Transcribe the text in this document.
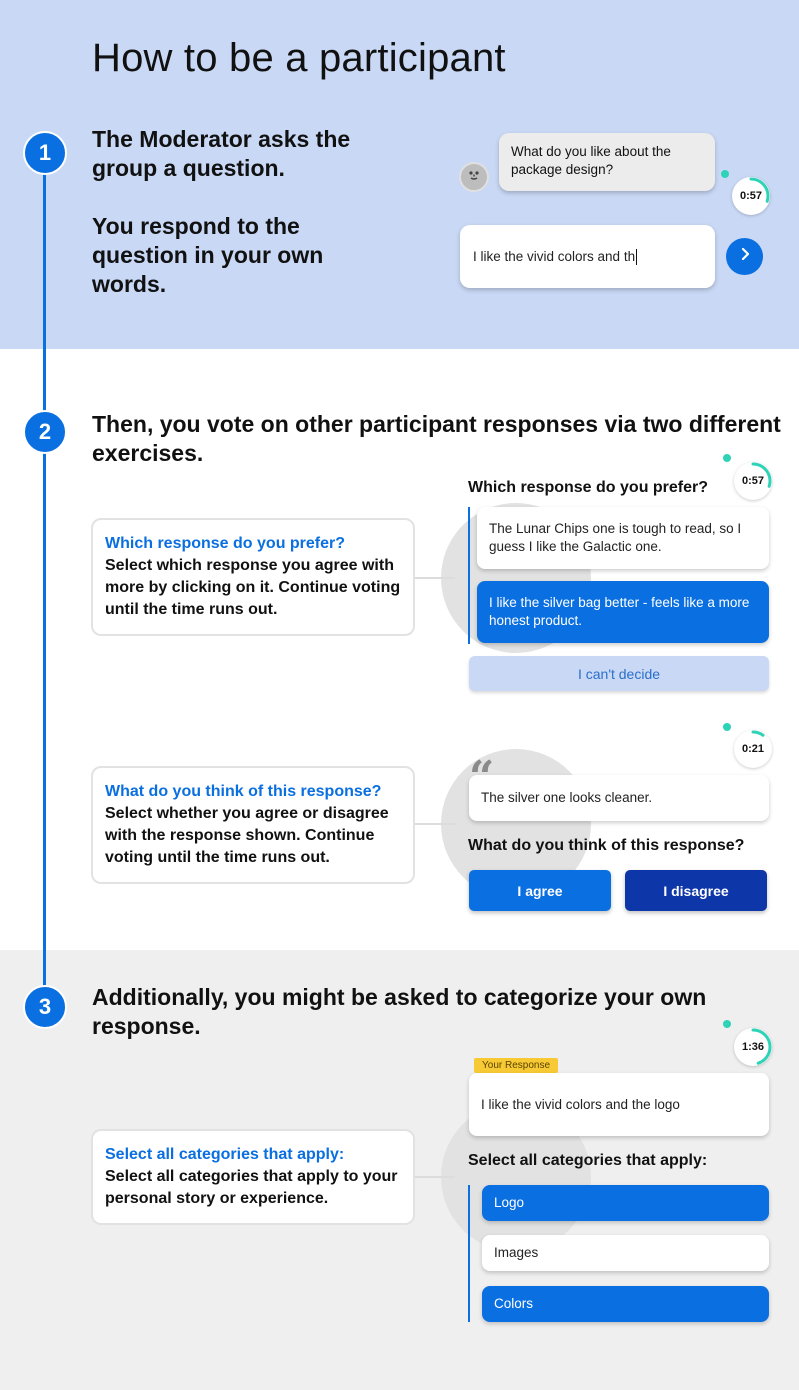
How to be a participant
1
The Moderator asks the group a question.
You respond to the question in your own words.
What do you like about the package design?
0:57
I like the vivid colors and th
2	Then, you vote on other participant responses via two different exercises.
Which response do you prefer?
Select which response you agree with more by clicking on it. Continue voting until the time runs out.
0:57
Which response do you prefer?
The Lunar Chips one is tough to read, so I guess I like the Galactic one.
I like the silver bag better - feels like a more honest product.
I can't decide
What do you think of this response?
Select whether you agree or disagree with the response shown. Continue voting until the time runs out.
0:21
The silver one looks cleaner.
What do you think of this response?
I agree	I disagree
3	Additionally, you might be asked to categorize your own response.
Select all categories that apply:
Select all categories that apply to your personal story or experience.
1:36
Your Response
I like the vivid colors and the logo
Select all categories that apply:
Logo
Images
Colors
